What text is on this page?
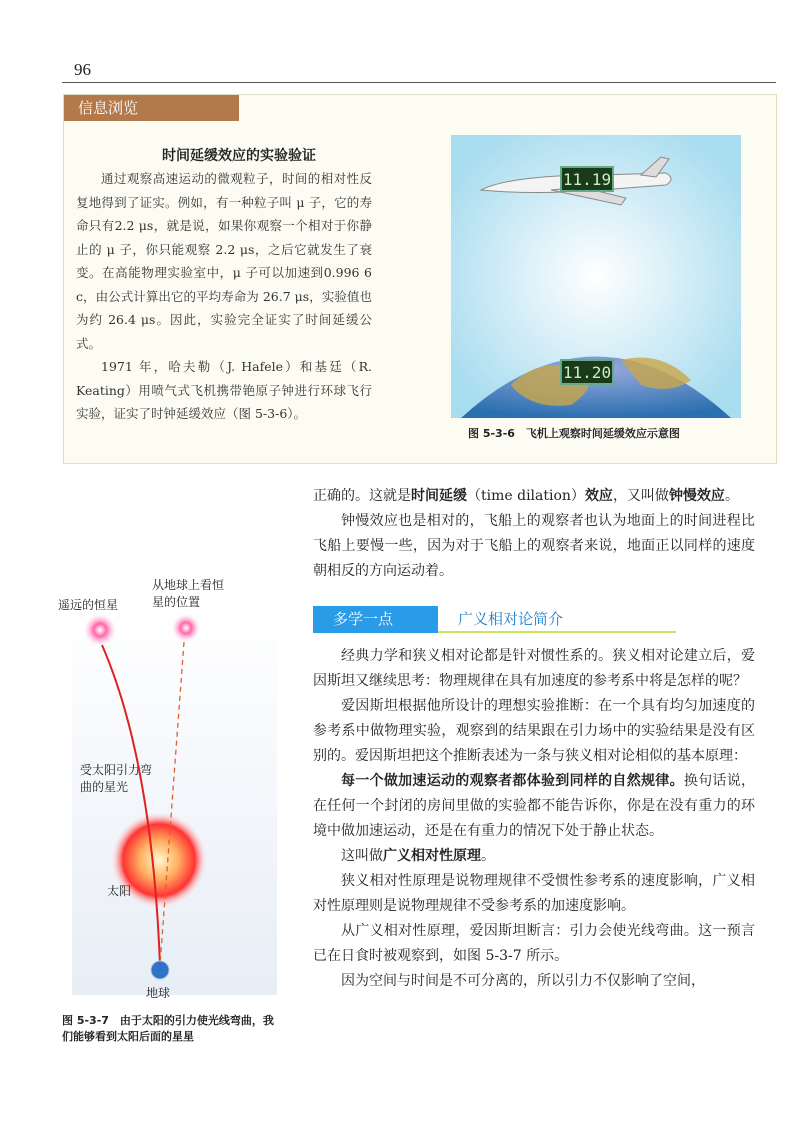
96
信息浏览
时间延缓效应的实验验证

通过观察高速运动的微观粒子，时间的相对性反复地得到了证实。例如，有一种粒子叫 μ 子，它的寿命只有2.2 μs，就是说，如果你观察一个相对于你静止的 μ 子，你只能观察 2.2 μs，之后它就发生了衰变。在高能物理实验室中，μ 子可以加速到0.996 6 c，由公式计算出它的平均寿命为 26.7 μs，实验值也为约 26.4 μs。因此，实验完全证实了时间延缓公式。

1971 年，哈夫勒（J. Hafele）和基廷（R. Keating）用喷气式飞机携带铯原子钟进行环球飞行实验，证实了时钟延缓效应（图 5-3-6）。

11.19
11.20
图 5-3-6　飞机上观察时间延缓效应示意图

正确的。这就是时间延缓（time dilation）效应，又叫做钟慢效应。

钟慢效应也是相对的，飞船上的观察者也认为地面上的时间进程比飞船上要慢一些，因为对于飞船上的观察者来说，地面正以同样的速度朝相反的方向运动着。

多学一点	广义相对论简介

经典力学和狭义相对论都是针对惯性系的。狭义相对论建立后，爱因斯坦又继续思考：物理规律在具有加速度的参考系中将是怎样的呢？

爱因斯坦根据他所设计的理想实验推断：在一个具有均匀加速度的参考系中做物理实验，观察到的结果跟在引力场中的实验结果是没有区别的。爱因斯坦把这个推断表述为一条与狭义相对论相似的基本原理：

每一个做加速运动的观察者都体验到同样的自然规律。换句话说，在任何一个封闭的房间里做的实验都不能告诉你，你是在没有重力的环境中做加速运动，还是在有重力的情况下处于静止状态。

这叫做广义相对性原理。

狭义相对性原理是说物理规律不受惯性参考系的速度影响，广义相对性原理则是说物理规律不受参考系的加速度影响。

从广义相对性原理，爱因斯坦断言：引力会使光线弯曲。这一预言已在日食时被观察到，如图 5-3-7 所示。

因为空间与时间是不可分离的，所以引力不仅影响了空间，

遥远的恒星
从地球上看恒星的位置
受太阳引力弯曲的星光
太阳
地球
图 5-3-7　由于太阳的引力使光线弯曲，我们能够看到太阳后面的星星
